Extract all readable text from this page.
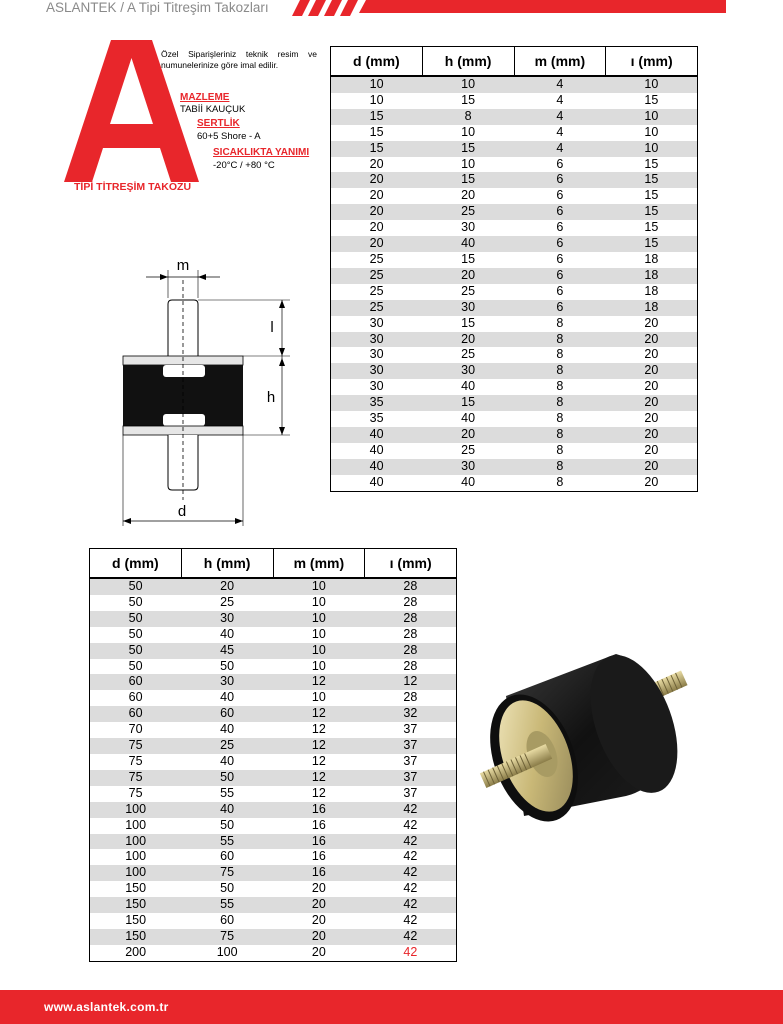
ASLANTEK / A Tipi Titreşim Takozları
Özel Siparişleriniz teknik resim ve numunelerinize göre imal edilir.
MAZLEME
TABİİ KAUÇUK
SERTLİK
60+5 Shore - A
SICAKLIKTA YANIMI
-20°C / +80 °C
TİPİ TİTREŞİM TAKOZU
m
l
h
d
d (mm)	h (mm)	m (mm)	ı (mm)
10	10	4	10
10	15	4	15
15	8	4	10
15	10	4	10
15	15	4	10
20	10	6	15
20	15	6	15
20	20	6	15
20	25	6	15
20	30	6	15
20	40	6	15
25	15	6	18
25	20	6	18
25	25	6	18
25	30	6	18
30	15	8	20
30	20	8	20
30	25	8	20
30	30	8	20
30	40	8	20
35	15	8	20
35	40	8	20
40	20	8	20
40	25	8	20
40	30	8	20
40	40	8	20
d (mm)	h (mm)	m (mm)	ı (mm)
50	20	10	28
50	25	10	28
50	30	10	28
50	40	10	28
50	45	10	28
50	50	10	28
60	30	12	12
60	40	10	28
60	60	12	32
70	40	12	37
75	25	12	37
75	40	12	37
75	50	12	37
75	55	12	37
100	40	16	42
100	50	16	42
100	55	16	42
100	60	16	42
100	75	16	42
150	50	20	42
150	55	20	42
150	60	20	42
150	75	20	42
200	100	20	42
www.aslantek.com.tr
